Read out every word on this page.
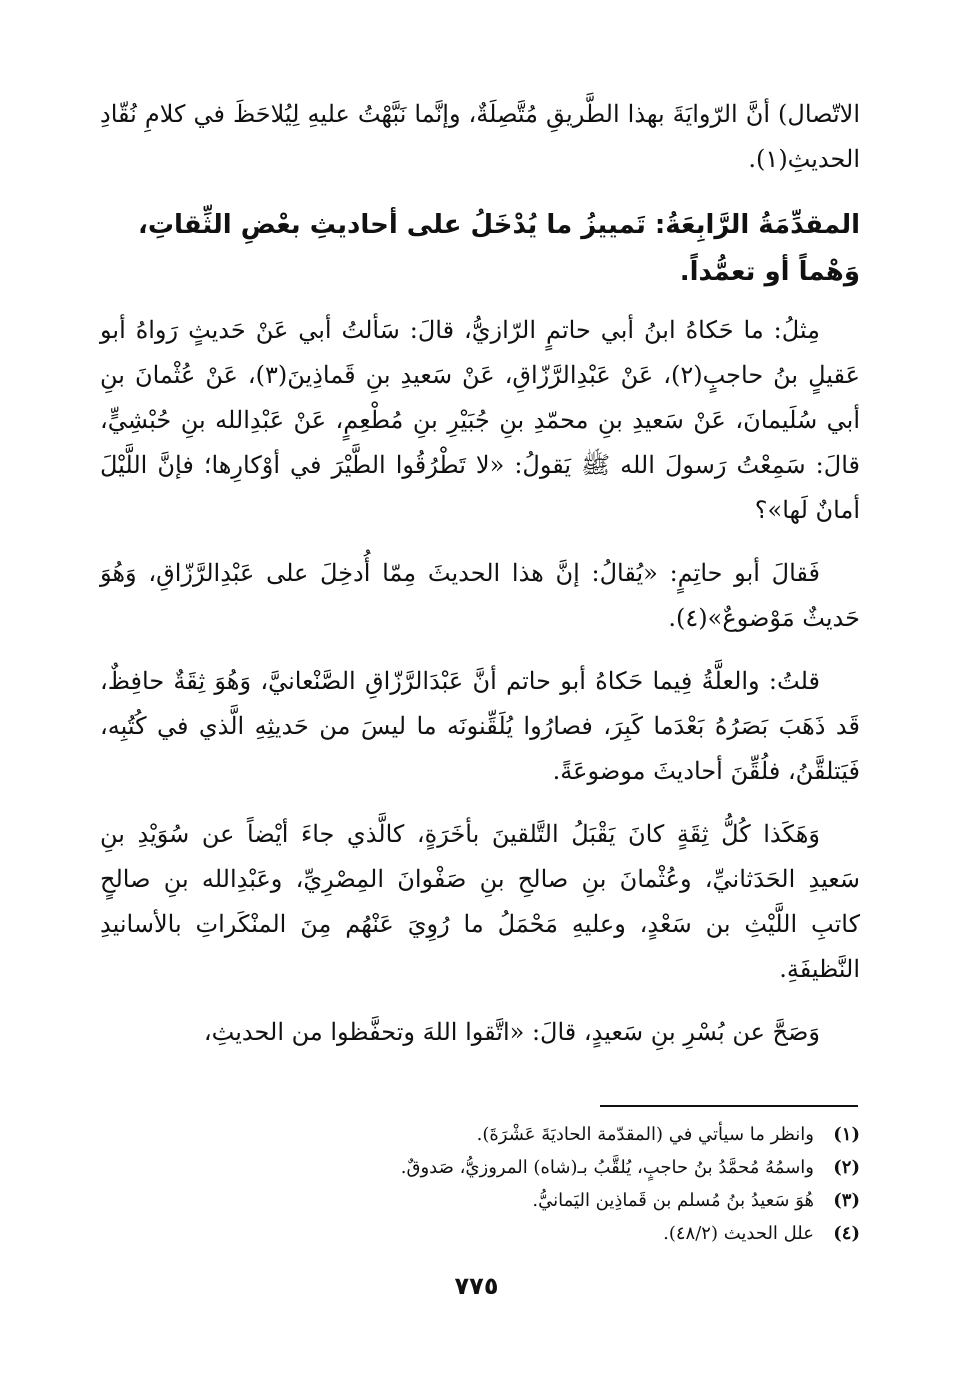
الاتّصال) أنَّ الرّوايَةَ بهذا الطَّريقِ مُتَّصِلَةٌ، وإنَّما نَبَّهْتُ عليهِ لِيُلاحَظَ في كلامِ نُقّادِ الحديثِ(١).

المقدِّمَةُ الرَّابِعَةُ: تَمييزُ ما يُدْخَلُ على أحاديثِ بعْضِ الثِّقاتِ، وَهْماً أو تعمُّداً.

مِثلُ: ما حَكاهُ ابنُ أبي حاتمٍ الرّازيُّ، قالَ: سَألتُ أبي عَنْ حَديثٍ رَواهُ أبو عَقيلٍ بنُ حاجبٍ(٢)، عَنْ عَبْدِالرَّزّاقِ، عَنْ سَعيدِ بنِ قَماذِينَ(٣)، عَنْ عُثْمانَ بنِ أبي سُلَيمانَ، عَنْ سَعيدِ بنِ محمّدِ بنِ جُبَيْرِ بنِ مُطْعِمٍ، عَنْ عَبْدِالله بنِ حُبْشِيٍّ، قالَ: سَمِعْتُ رَسولَ الله ﷺ يَقولُ: «لا تَطْرُقُوا الطَّيْرَ في أوْكارِها؛ فإنَّ اللَّيْلَ أمانٌ لَها»؟

فَقالَ أبو حاتِمٍ: «يُقالُ: إنَّ هذا الحديثَ مِمّا أُدخِلَ على عَبْدِالرَّزّاقِ، وَهُوَ حَديثٌ مَوْضوعٌ»(٤).

قلتُ: والعلَّةُ فِيما حَكاهُ أبو حاتم أنَّ عَبْدَالرَّزّاقِ الصَّنْعانيَّ، وَهُوَ ثِقَةٌ حافِظٌ، قَد ذَهَبَ بَصَرُهُ بَعْدَما كَبِرَ، فصارُوا يُلَقِّنونَه ما ليسَ من حَديثِهِ الَّذي في كُتُبِه، فَيَتلقَّنُ، فلُقِّنَ أحاديثَ موضوعَةً.

وَهَكَذا كُلُّ ثِقَةٍ كانَ يَقْبَلُ التَّلقينَ بأخَرَةٍ، كالَّذي جاءَ أيْضاً عن سُوَيْدِ بنِ سَعيدِ الحَدَثانيِّ، وعُثْمانَ بنِ صالحِ بنِ صَفْوانَ المِصْرِيِّ، وعَبْدِالله بنِ صالحٍ كاتبِ اللَّيْثِ بن سَعْدٍ، وعليهِ مَحْمَلُ ما رُوِيَ عَنْهُم مِنَ المنْكَراتِ بالأسانيدِ النَّظيفَةِ.

وَصَحَّ عن بُسْرِ بنِ سَعيدٍ، قالَ: «اتَّقوا اللهَ وتحفَّظوا من الحديثِ،

(١)وانظر ما سيأتي في (المقدّمة الحاديَةَ عَشْرَةَ).
(٢)واسمُهُ مُحمَّدُ بنُ حاجبٍ، يُلقَّبُ بـ(شاه) المروزيُّ، صَدوقٌ.
(٣)هُوَ سَعيدُ بنُ مُسلم بن قَماذِين اليَمانيُّ.
(٤)علل الحديث (٤٨/٢).
٧٧٥
